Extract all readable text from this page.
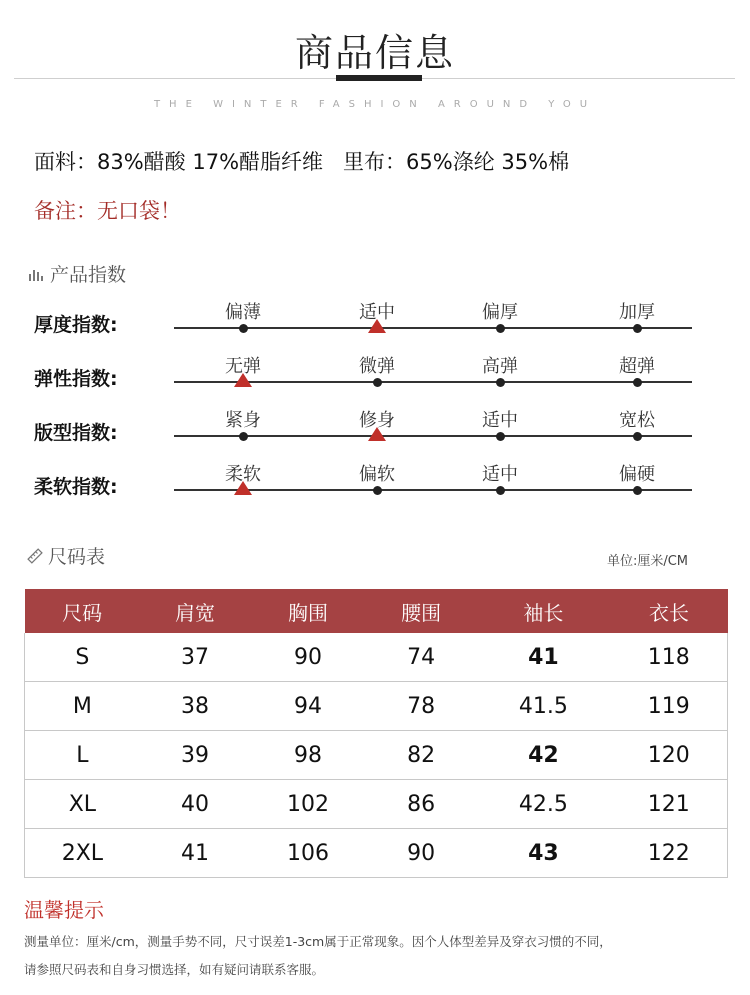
商品信息
THE WINTER FASHION AROUND YOU
面料：83%醋酸 17%醋脂纤维   里布：65%涤纶 35%棉
备注：无口袋！
产品指数
厚度指数:
偏薄	适中	偏厚	加厚
弹性指数:
无弹	微弹	高弹	超弹
版型指数:
紧身	修身	适中	宽松
柔软指数:
柔软	偏软	适中	偏硬
尺码表	单位:厘米/CM
尺码	肩宽	胸围	腰围	袖长	衣长
S	37	90	74	41	118
M	38	94	78	41.5	119
L	39	98	82	42	120
XL	40	102	86	42.5	121
2XL	41	106	90	43	122
温馨提示
测量单位：厘米/cm，测量手势不同，尺寸误差1-3cm属于正常现象。因个人体型差异及穿衣习惯的不同，
请参照尺码表和自身习惯选择，如有疑问请联系客服。
